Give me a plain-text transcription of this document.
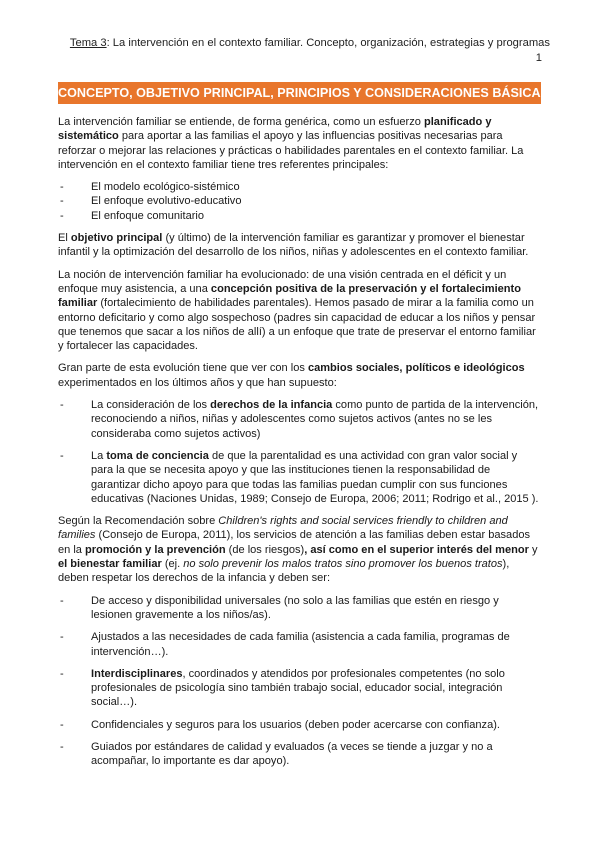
Tema 3: La intervención en el contexto familiar. Concepto, organización, estrategias y programas
1
CONCEPTO, OBJETIVO PRINCIPAL, PRINCIPIOS Y CONSIDERACIONES BÁSICAS

La intervención familiar se entiende, de forma genérica, como un esfuerzo planificado y sistemático para aportar a las familias el apoyo y las influencias positivas necesarias para reforzar o mejorar las relaciones y prácticas o habilidades parentales en el contexto familiar. La intervención en el contexto familiar tiene tres referentes principales:

- El modelo ecológico-sistémico
- El enfoque evolutivo-educativo
- El enfoque comunitario

El objetivo principal (y último) de la intervención familiar es garantizar y promover el bienestar infantil y la optimización del desarrollo de los niños, niñas y adolescentes en el contexto familiar.

La noción de intervención familiar ha evolucionado: de una visión centrada en el déficit y un enfoque muy asistencia, a una concepción positiva de la preservación y el fortalecimiento familiar (fortalecimiento de habilidades parentales). Hemos pasado de mirar a la familia como un entorno deficitario y como algo sospechoso (padres sin capacidad de educar a los niños y pensar que tenemos que sacar a los niños de allí) a un enfoque que trate de preservar el entorno familiar y fortalecer las capacidades.

Gran parte de esta evolución tiene que ver con los cambios sociales, políticos e ideológicos experimentados en los últimos años y que han supuesto:

- La consideración de los derechos de la infancia como punto de partida de la intervención, reconociendo a niños, niñas y adolescentes como sujetos activos (antes no se les consideraba como sujetos activos)
- La toma de conciencia de que la parentalidad es una actividad con gran valor social y para la que se necesita apoyo y que las instituciones tienen la responsabilidad de garantizar dicho apoyo para que todas las familias puedan cumplir con sus funciones educativas (Naciones Unidas, 1989; Consejo de Europa, 2006; 2011; Rodrigo et al., 2015 ).

Según la Recomendación sobre Children's rights and social services friendly to children and families (Consejo de Europa, 2011), los servicios de atención a las familias deben estar basados en la promoción y la prevención (de los riesgos), así como en el superior interés del menor y el bienestar familiar (ej. no solo prevenir los malos tratos sino promover los buenos tratos), deben respetar los derechos de la infancia y deben ser:

- De acceso y disponibilidad universales (no solo a las familias que estén en riesgo y lesionen gravemente a los niños/as).
- Ajustados a las necesidades de cada familia (asistencia a cada familia, programas de intervención…).
- Interdisciplinares, coordinados y atendidos por profesionales competentes (no solo profesionales de psicología sino también trabajo social, educador social, integración social…).
- Confidenciales y seguros para los usuarios (deben poder acercarse con confianza).
- Guiados por estándares de calidad y evaluados (a veces se tiende a juzgar y no a acompañar, lo importante es dar apoyo).
